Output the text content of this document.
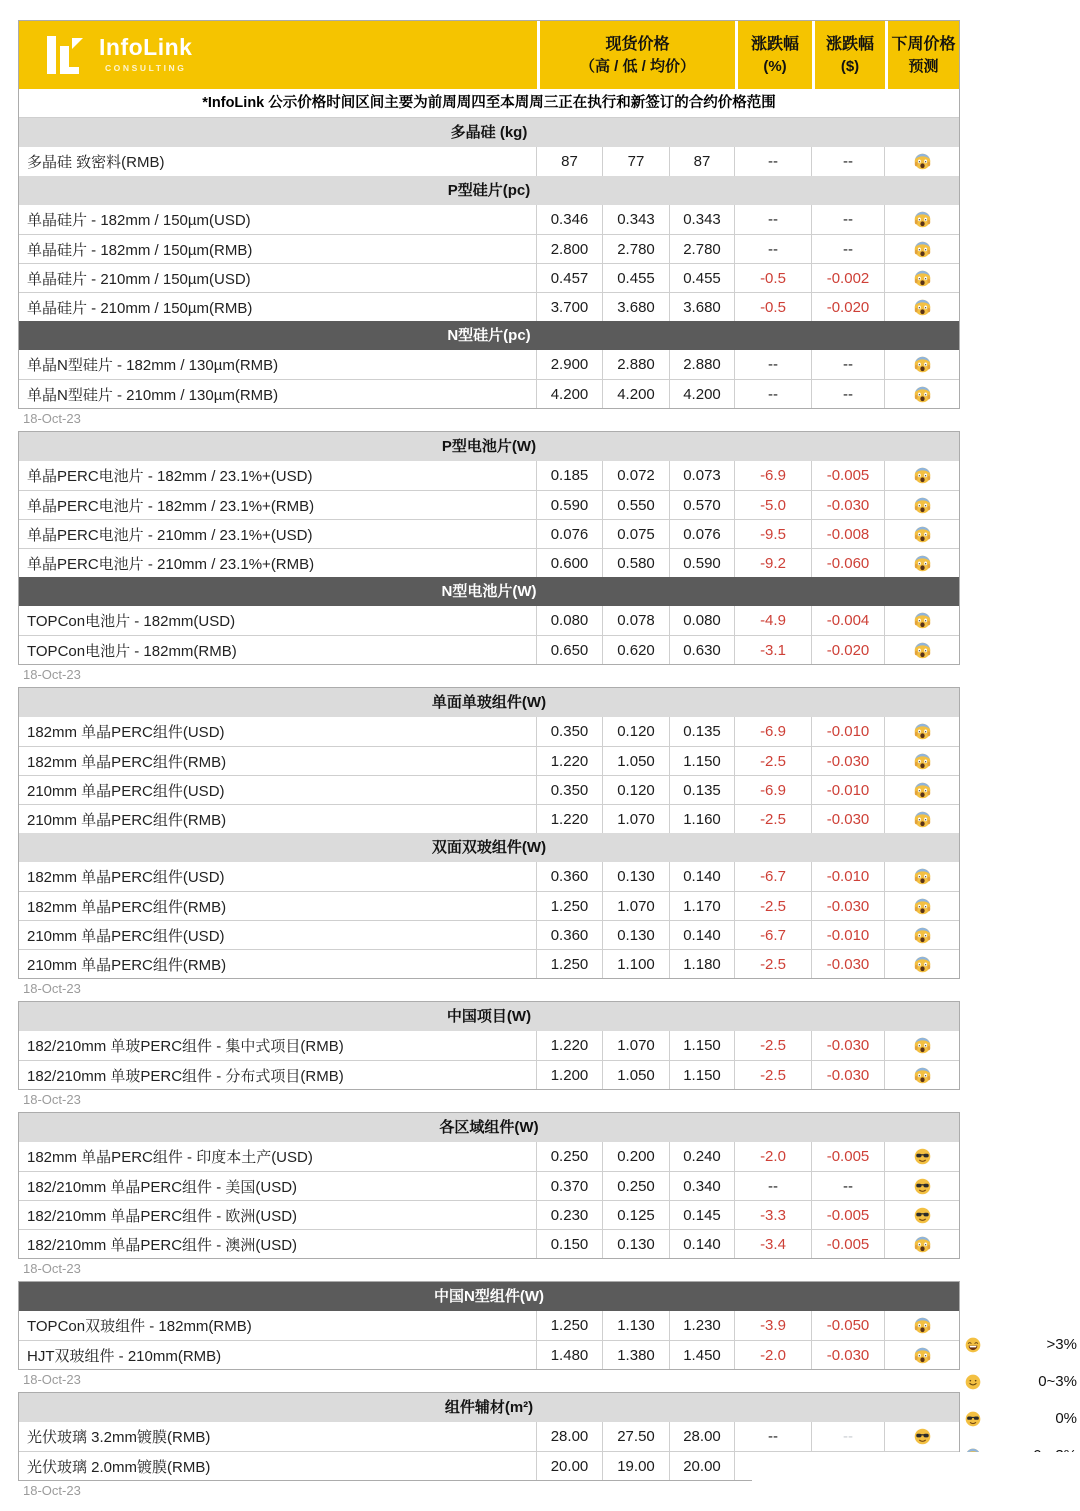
InfoLink
CONSULTING
现货价格
（高 / 低 / 均价）
涨跌幅
(%)
涨跌幅
($)
下周价格
预测
*InfoLink 公示价格时间区间主要为前周周四至本周周三正在执行和新签订的合约价格范围
多晶硅 (kg)
多晶硅 致密料(RMB)	87	77	87	--	--
P型硅片(pc)
单晶硅片 - 182mm / 150µm(USD)	0.346	0.343	0.343	--	--
单晶硅片 - 182mm / 150µm(RMB)	2.800	2.780	2.780	--	--
单晶硅片 - 210mm / 150µm(USD)	0.457	0.455	0.455	-0.5	-0.002
单晶硅片 - 210mm / 150µm(RMB)	3.700	3.680	3.680	-0.5	-0.020
N型硅片(pc)
单晶N型硅片 - 182mm / 130µm(RMB)	2.900	2.880	2.880	--	--
单晶N型硅片 - 210mm / 130µm(RMB)	4.200	4.200	4.200	--	--
18-Oct-23
P型电池片(W)
单晶PERC电池片 - 182mm / 23.1%+(USD)	0.185	0.072	0.073	-6.9	-0.005
单晶PERC电池片 - 182mm / 23.1%+(RMB)	0.590	0.550	0.570	-5.0	-0.030
单晶PERC电池片 - 210mm / 23.1%+(USD)	0.076	0.075	0.076	-9.5	-0.008
单晶PERC电池片 - 210mm / 23.1%+(RMB)	0.600	0.580	0.590	-9.2	-0.060
N型电池片(W)
TOPCon电池片 - 182mm(USD)	0.080	0.078	0.080	-4.9	-0.004
TOPCon电池片 - 182mm(RMB)	0.650	0.620	0.630	-3.1	-0.020
18-Oct-23
单面单玻组件(W)
182mm 单晶PERC组件(USD)	0.350	0.120	0.135	-6.9	-0.010
182mm 单晶PERC组件(RMB)	1.220	1.050	1.150	-2.5	-0.030
210mm 单晶PERC组件(USD)	0.350	0.120	0.135	-6.9	-0.010
210mm 单晶PERC组件(RMB)	1.220	1.070	1.160	-2.5	-0.030
双面双玻组件(W)
182mm 单晶PERC组件(USD)	0.360	0.130	0.140	-6.7	-0.010
182mm 单晶PERC组件(RMB)	1.250	1.070	1.170	-2.5	-0.030
210mm 单晶PERC组件(USD)	0.360	0.130	0.140	-6.7	-0.010
210mm 单晶PERC组件(RMB)	1.250	1.100	1.180	-2.5	-0.030
18-Oct-23
中国项目(W)
182/210mm 单玻PERC组件 - 集中式项目(RMB)	1.220	1.070	1.150	-2.5	-0.030
182/210mm 单玻PERC组件 - 分布式项目(RMB)	1.200	1.050	1.150	-2.5	-0.030
18-Oct-23
各区域组件(W)
182mm 单晶PERC组件 - 印度本土产(USD)	0.250	0.200	0.240	-2.0	-0.005
182/210mm 单晶PERC组件 - 美国(USD)	0.370	0.250	0.340	--	--
182/210mm 单晶PERC组件 - 欧洲(USD)	0.230	0.125	0.145	-3.3	-0.005
182/210mm 单晶PERC组件 - 澳洲(USD)	0.150	0.130	0.140	-3.4	-0.005
18-Oct-23
中国N型组件(W)
TOPCon双玻组件 - 182mm(RMB)	1.250	1.130	1.230	-3.9	-0.050
HJT双玻组件 - 210mm(RMB)	1.480	1.380	1.450	-2.0	-0.030
18-Oct-23
组件辅材(m²)
光伏玻璃 3.2mm镀膜(RMB)	28.00	27.50	28.00	--	--
光伏玻璃 2.0mm镀膜(RMB)	20.00	19.00	20.00
18-Oct-23
>3%
0~3%
0%
